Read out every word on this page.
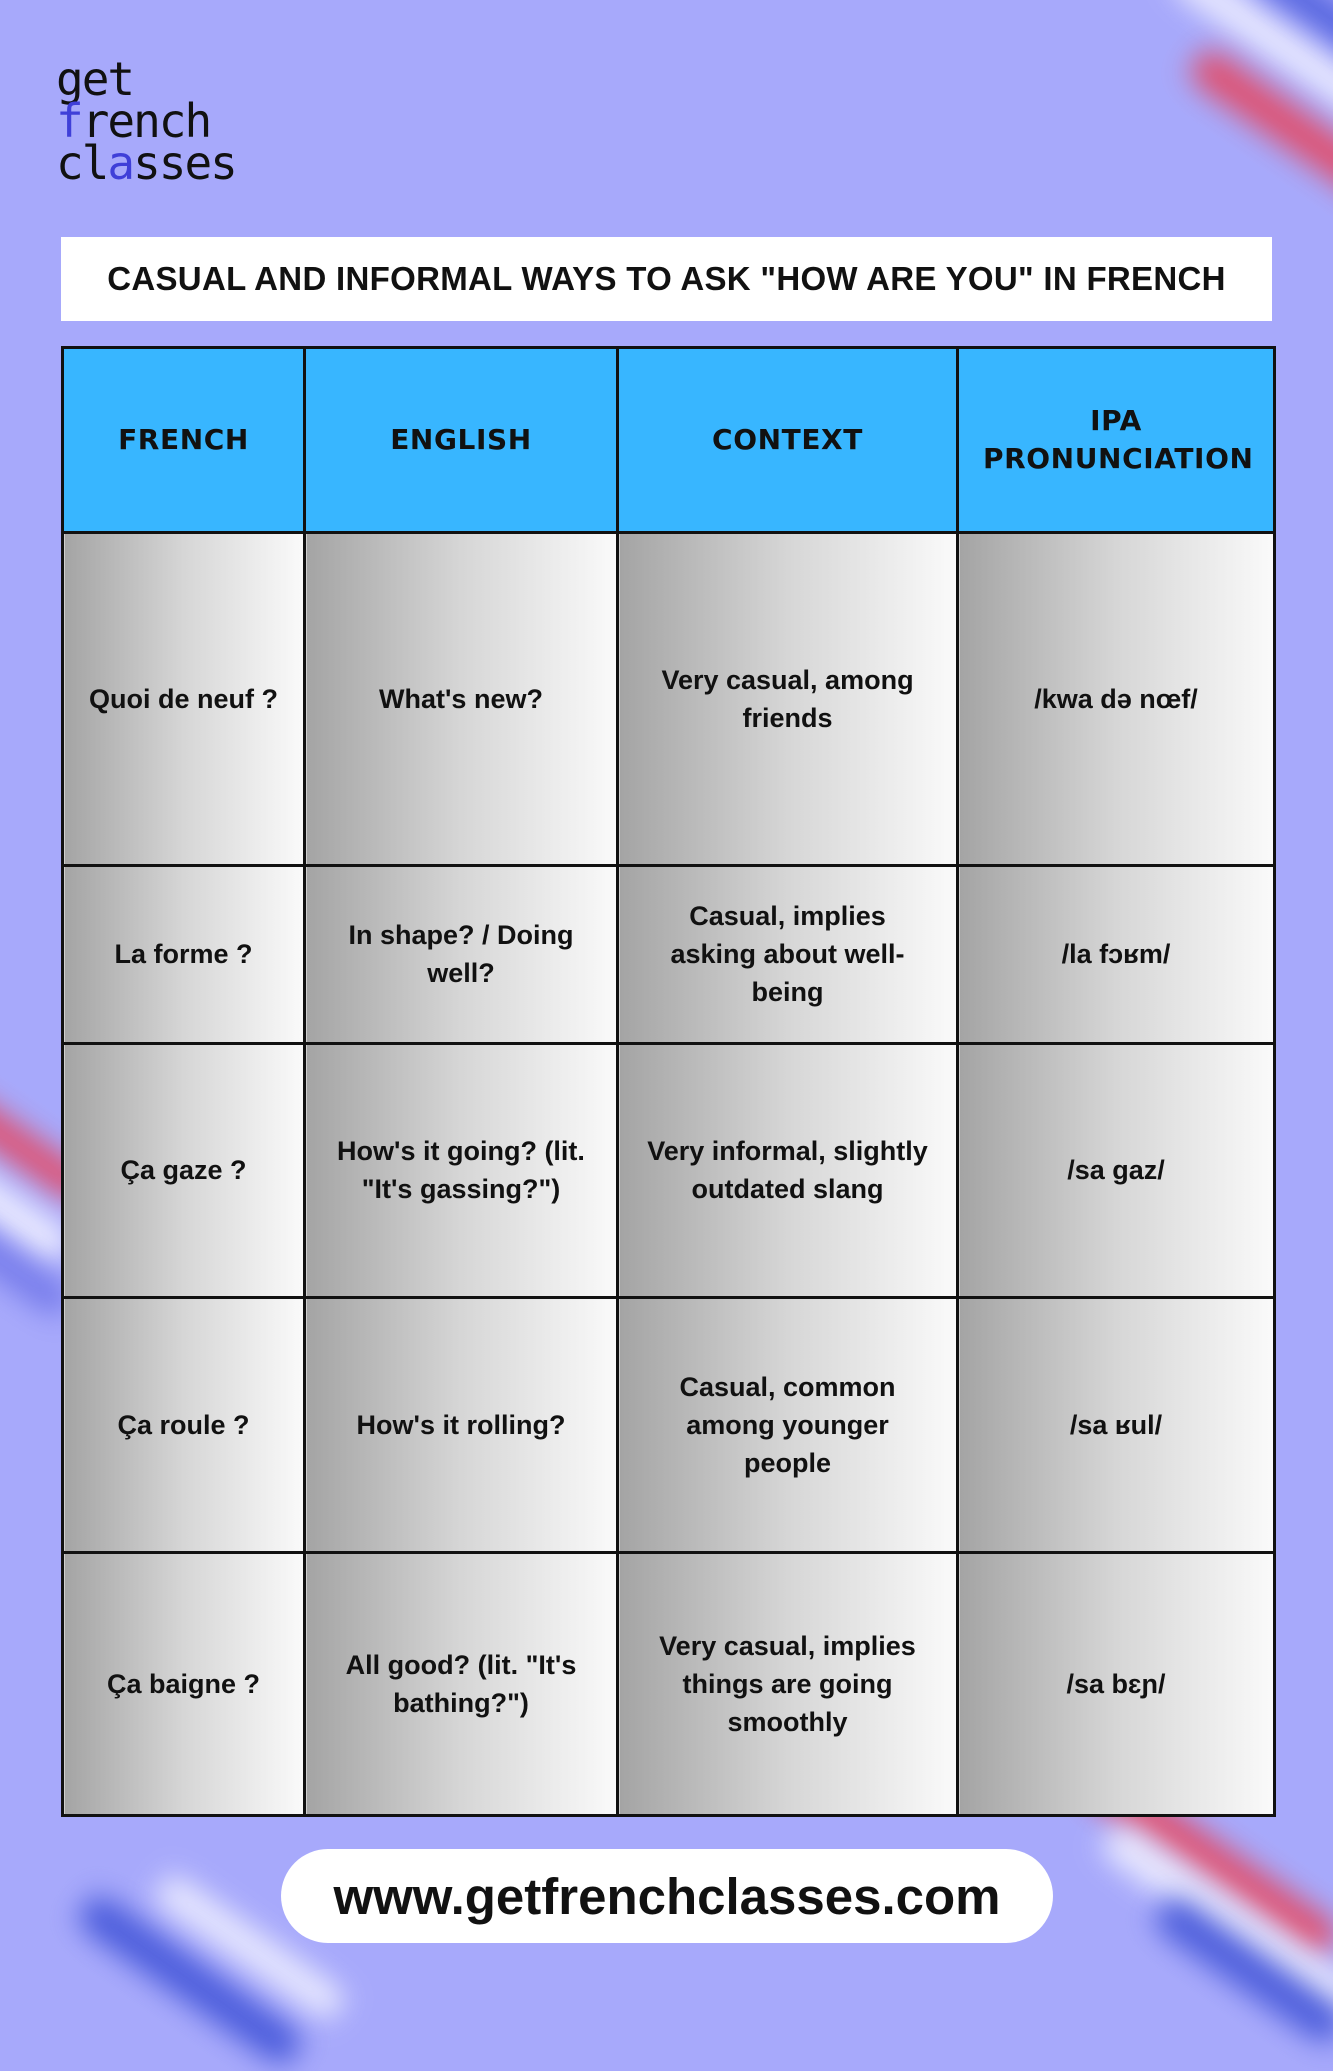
get
french
classes
CASUAL AND INFORMAL WAYS TO ASK "HOW ARE YOU" IN FRENCH
FRENCH	ENGLISH	CONTEXT	IPA PRONUNCIATION
Quoi de neuf ?	What's new?	Very casual, among friends	/kwa də nœf/
La forme ?	In shape? / Doing well?	Casual, implies asking about well-being	/la fɔʁm/
Ça gaze ?	How's it going? (lit. "It's gassing?")	Very informal, slightly outdated slang	/sa gaz/
Ça roule ?	How's it rolling?	Casual, common among younger people	/sa ʁul/
Ça baigne ?	All good? (lit. "It's bathing?")	Very casual, implies things are going smoothly	/sa bɛɲ/
www.getfrenchclasses.com
